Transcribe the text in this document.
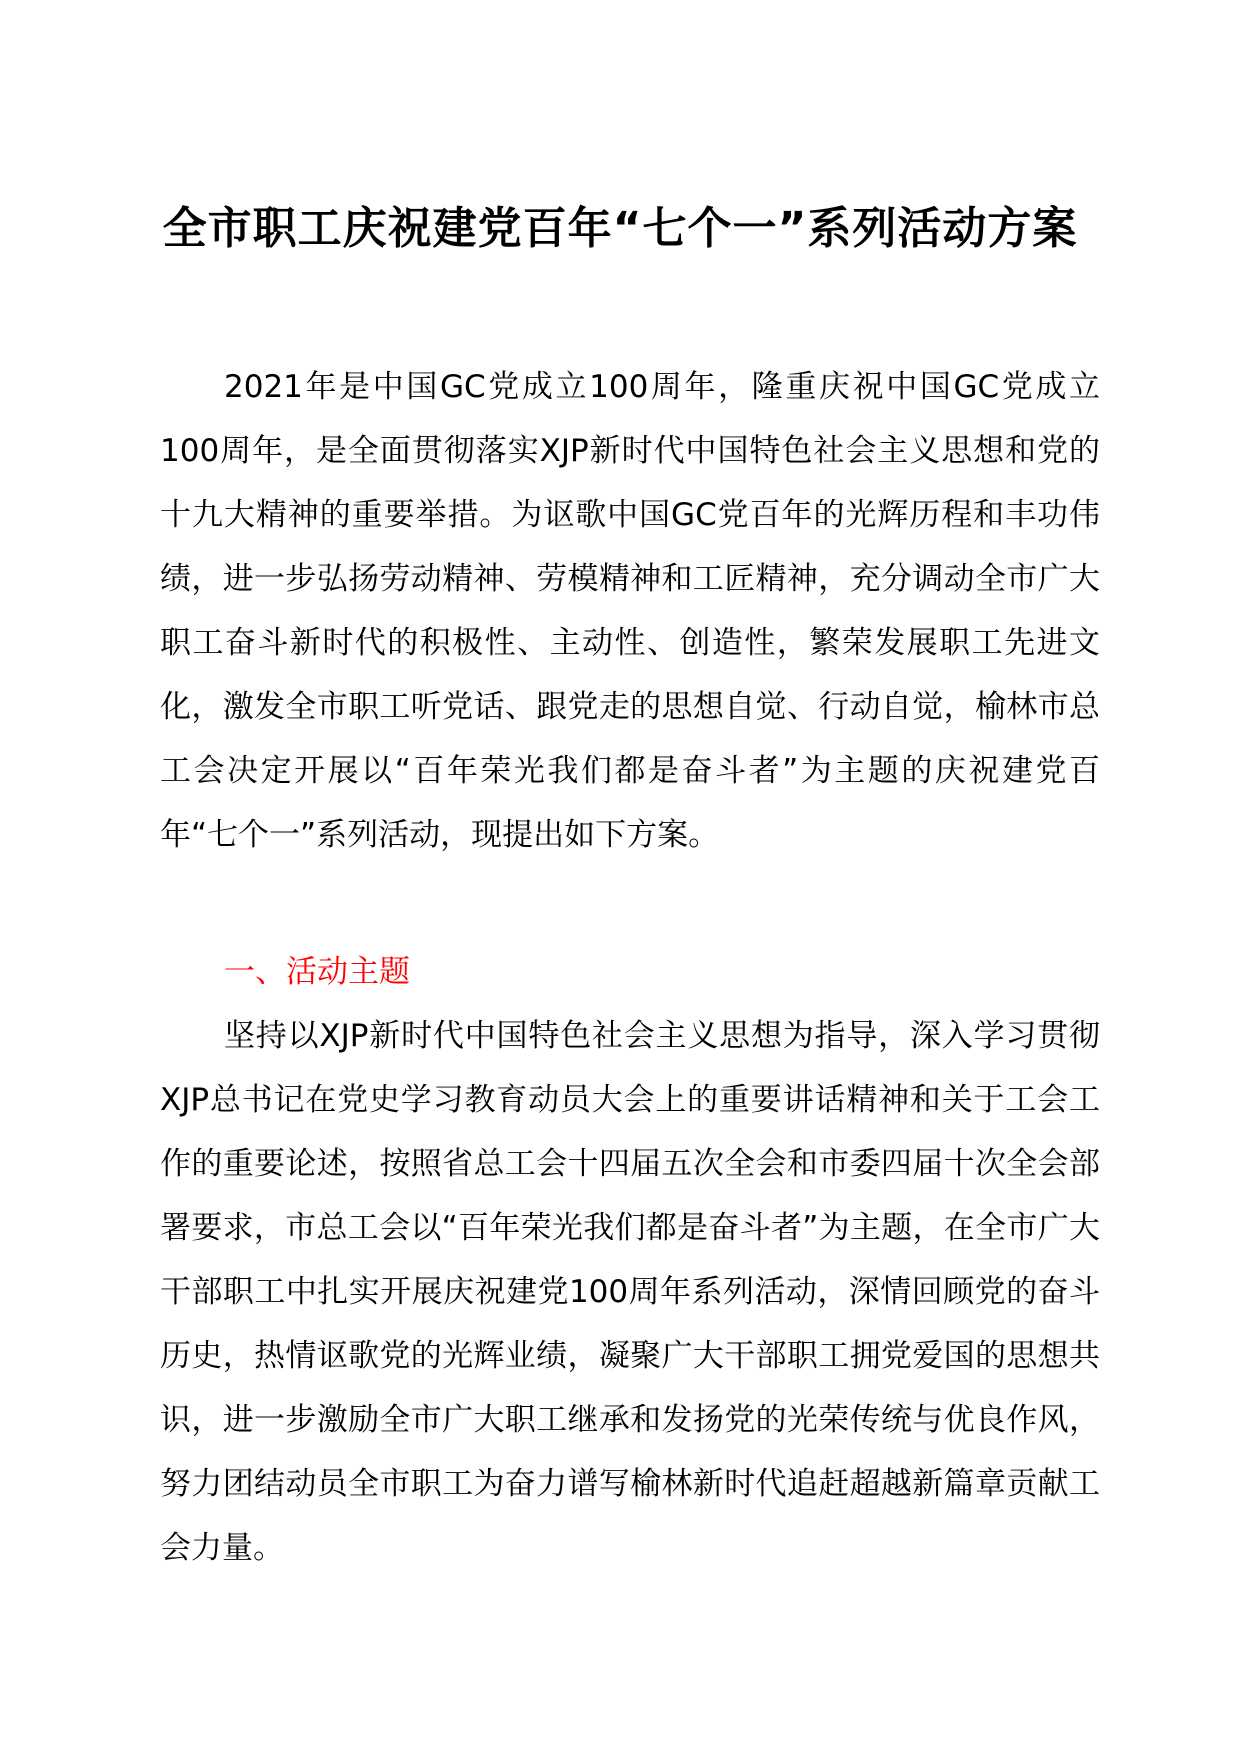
全市职工庆祝建党百年“七个一”系列活动方案

2021年是中国GC党成立100周年，隆重庆祝中国GC党成立100周年，是全面贯彻落实XJP新时代中国特色社会主义思想和党的十九大精神的重要举措。为讴歌中国GC党百年的光辉历程和丰功伟绩，进一步弘扬劳动精神、劳模精神和工匠精神，充分调动全市广大职工奋斗新时代的积极性、主动性、创造性，繁荣发展职工先进文化，激发全市职工听党话、跟党走的思想自觉、行动自觉，榆林市总工会决定开展以“百年荣光我们都是奋斗者”为主题的庆祝建党百年“七个一”系列活动，现提出如下方案。

一、活动主题

坚持以XJP新时代中国特色社会主义思想为指导，深入学习贯彻XJP总书记在党史学习教育动员大会上的重要讲话精神和关于工会工作的重要论述，按照省总工会十四届五次全会和市委四届十次全会部署要求，市总工会以“百年荣光我们都是奋斗者”为主题，在全市广大干部职工中扎实开展庆祝建党100周年系列活动，深情回顾党的奋斗历史，热情讴歌党的光辉业绩，凝聚广大干部职工拥党爱国的思想共识，进一步激励全市广大职工继承和发扬党的光荣传统与优良作风，努力团结动员全市职工为奋力谱写榆林新时代追赶超越新篇章贡献工会力量。
